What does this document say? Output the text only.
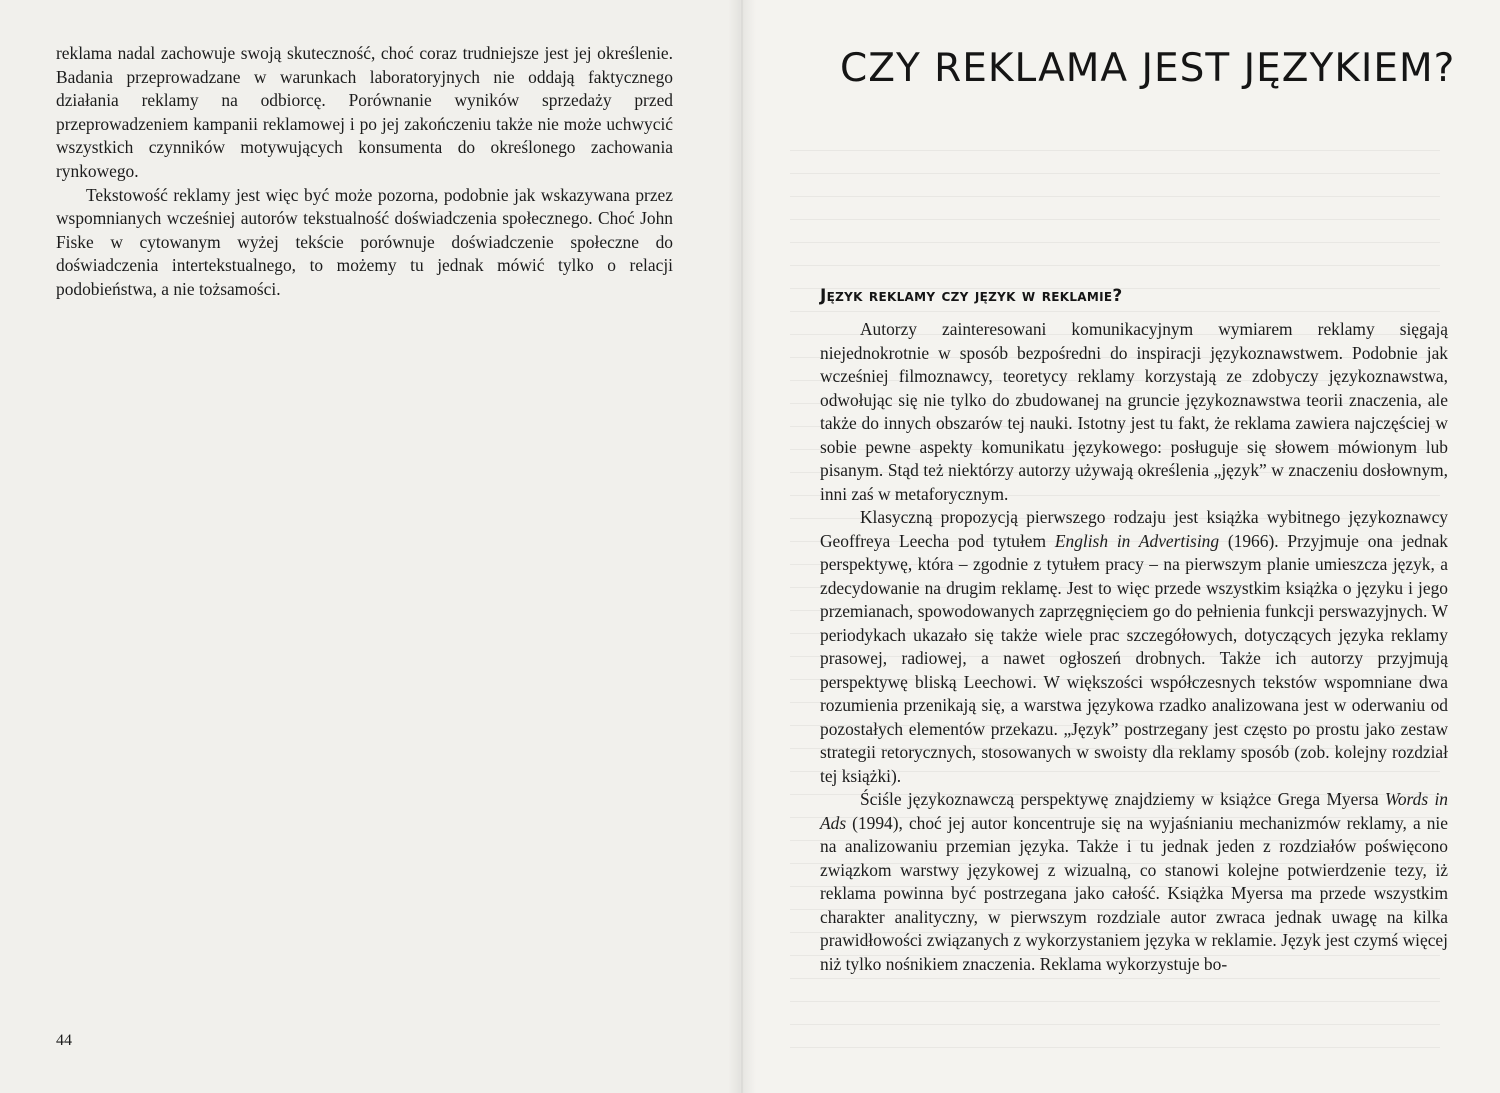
reklama nadal zachowuje swoją skuteczność, choć coraz trudniejsze jest jej określenie. Badania przeprowadzane w warunkach laboratoryjnych nie oddają faktycznego działania reklamy na odbiorcę. Porównanie wyników sprzedaży przed przeprowadzeniem kampanii reklamowej i po jej zakończeniu także nie może uchwycić wszystkich czynników motywujących konsumenta do określonego zachowania rynkowego.

Tekstowość reklamy jest więc być może pozorna, podobnie jak wskazywana przez wspomnianych wcześniej autorów tekstualność doświadczenia społecznego. Choć John Fiske w cytowanym wyżej tekście porównuje doświadczenie społeczne do doświadczenia intertekstualnego, to możemy tu jednak mówić tylko o relacji podobieństwa, a nie tożsamości.

44
CZY REKLAMA JEST JĘZYKIEM?
Język reklamy czy język w reklamie?

Autorzy zainteresowani komunikacyjnym wymiarem reklamy sięgają niejednokrotnie w sposób bezpośredni do inspiracji językoznawstwem. Podobnie jak wcześniej filmoznawcy, teoretycy reklamy korzystają ze zdobyczy językoznawstwa, odwołując się nie tylko do zbudowanej na gruncie językoznawstwa teorii znaczenia, ale także do innych obszarów tej nauki. Istotny jest tu fakt, że reklama zawiera najczęściej w sobie pewne aspekty komunikatu językowego: posługuje się słowem mówionym lub pisanym. Stąd też niektórzy autorzy używają określenia „język” w znaczeniu dosłownym, inni zaś w metaforycznym.

Klasyczną propozycją pierwszego rodzaju jest książka wybitnego językoznawcy Geoffreya Leecha pod tytułem English in Advertising (1966). Przyjmuje ona jednak perspektywę, która – zgodnie z tytułem pracy – na pierwszym planie umieszcza język, a zdecydowanie na drugim reklamę. Jest to więc przede wszystkim książka o języku i jego przemianach, spowodowanych zaprzęgnięciem go do pełnienia funkcji perswazyjnych. W periodykach ukazało się także wiele prac szczegółowych, dotyczących języka reklamy prasowej, radiowej, a nawet ogłoszeń drobnych. Także ich autorzy przyjmują perspektywę bliską Leechowi. W większości współczesnych tekstów wspomniane dwa rozumienia przenikają się, a warstwa językowa rzadko analizowana jest w oderwaniu od pozostałych elementów przekazu. „Język” postrzegany jest często po prostu jako zestaw strategii retorycznych, stosowanych w swoisty dla reklamy sposób (zob. kolejny rozdział tej książki).

Ściśle językoznawczą perspektywę znajdziemy w książce Grega Myersa Words in Ads (1994), choć jej autor koncentruje się na wyjaśnianiu mechanizmów reklamy, a nie na analizowaniu przemian języka. Także i tu jednak jeden z rozdziałów poświęcono związkom warstwy językowej z wizualną, co stanowi kolejne potwierdzenie tezy, iż reklama powinna być postrzegana jako całość. Książka Myersa ma przede wszystkim charakter analityczny, w pierwszym rozdziale autor zwraca jednak uwagę na kilka prawidłowości związanych z wykorzystaniem języka w reklamie. Język jest czymś więcej niż tylko nośnikiem znaczenia. Reklama wykorzystuje bo-
